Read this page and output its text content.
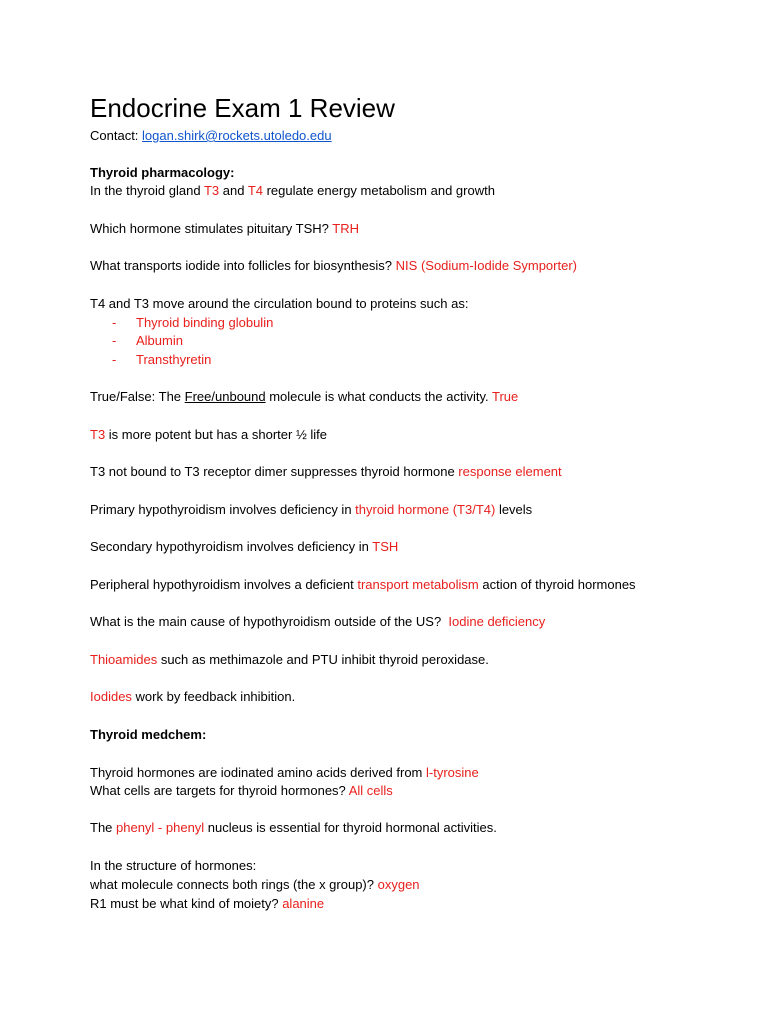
Endocrine Exam 1 Review
Contact: logan.shirk@rockets.utoledo.edu
Thyroid pharmacology:
In the thyroid gland T3 and T4 regulate energy metabolism and growth
Which hormone stimulates pituitary TSH? TRH
What transports iodide into follicles for biosynthesis? NIS (Sodium-Iodide Symporter)
T4 and T3 move around the circulation bound to proteins such as:
- Thyroid binding globulin
- Albumin
- Transthyretin
True/False: The Free/unbound molecule is what conducts the activity. True
T3 is more potent but has a shorter ½ life
T3 not bound to T3 receptor dimer suppresses thyroid hormone response element
Primary hypothyroidism involves deficiency in thyroid hormone (T3/T4) levels
Secondary hypothyroidism involves deficiency in TSH
Peripheral hypothyroidism involves a deficient transport metabolism action of thyroid hormones
What is the main cause of hypothyroidism outside of the US?  Iodine deficiency
Thioamides such as methimazole and PTU inhibit thyroid peroxidase.
Iodides work by feedback inhibition.
Thyroid medchem:
Thyroid hormones are iodinated amino acids derived from l-tyrosine
What cells are targets for thyroid hormones? All cells
The phenyl - phenyl nucleus is essential for thyroid hormonal activities.
In the structure of hormones:
what molecule connects both rings (the x group)? oxygen
R1 must be what kind of moiety? alanine
